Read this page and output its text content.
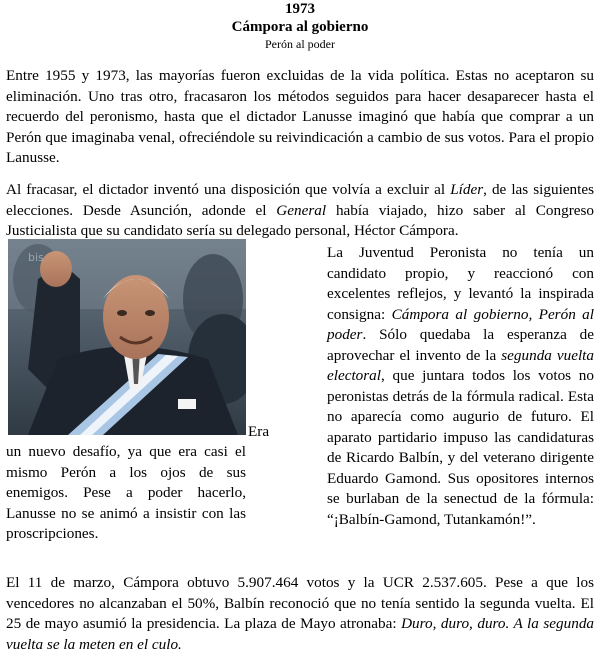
1973
Cámpora al gobierno
Perón al poder
Entre 1955 y 1973, las mayorías fueron excluidas de la vida política. Estas no aceptaron su eliminación. Uno tras otro, fracasaron los métodos seguidos para hacer desaparecer hasta el recuerdo del peronismo, hasta que el dictador Lanusse imaginó que había que comprar a un Perón que imaginaba venal, ofreciéndole su reivindicación a cambio de sus votos. Para el propio Lanusse.
Al fracasar, el dictador inventó una disposición que volvía a excluir al Líder, de las siguientes elecciones. Desde Asunción, adonde el General había viajado, hizo saber al Congreso Justicialista que su candidato sería su delegado personal, Héctor Cámpora.
bis	La Juventud Peronista no tenía un candidato propio, y reaccionó con excelentes reflejos, y levantó la inspirada consigna: Cámpora al gobierno, Perón al poder. Sólo quedaba la esperanza de aprovechar el invento de la segunda vuelta electoral, que juntara todos los votos no peronistas detrás de la fórmula radical. Esta no aparecía como augurio de futuro. El aparato partidario impuso las candidaturas de Ricardo Balbín, y del veterano dirigente Eduardo Gamond. Sus opositores internos se burlaban de la senectud de la fórmula: “¡Balbín-Gamond, Tutankamón!”.
Era
un nuevo desafío, ya que era casi el mismo Perón a los ojos de sus enemigos. Pese a poder hacerlo, Lanusse no se animó a insistir con las proscripciones.
El 11 de marzo, Cámpora obtuvo 5.907.464 votos y la UCR 2.537.605. Pese a que los vencedores no alcanzaban el 50%, Balbín reconoció que no tenía sentido la segunda vuelta. El 25 de mayo asumió la presidencia. La plaza de Mayo atronaba: Duro, duro, duro. A la segunda vuelta se la meten en el culo.
